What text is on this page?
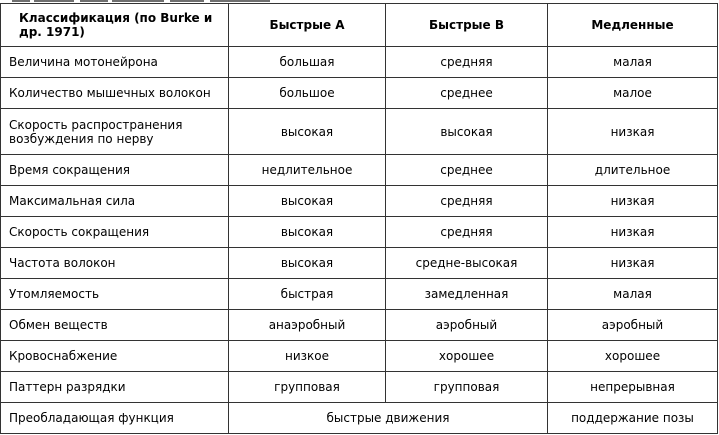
Классификация (по Burke и др. 1971)	Быстрые А	Быстрые В	Медленные
Величина мотонейрона	большая	средняя	малая
Количество мышечных волокон	большое	среднее	малое
Скорость распространения возбуждения по нерву	высокая	высокая	низкая
Время сокращения	недлительное	среднее	длительное
Максимальная сила	высокая	средняя	низкая
Скорость сокращения	высокая	средняя	низкая
Частота волокон	высокая	средне-высокая	низкая
Утомляемость	быстрая	замедленная	малая
Обмен веществ	анаэробный	аэробный	аэробный
Кровоснабжение	низкое	хорошее	хорошее
Паттерн разрядки	групповая	групповая	непрерывная
Преобладающая функция	быстрые движения		поддержание позы
